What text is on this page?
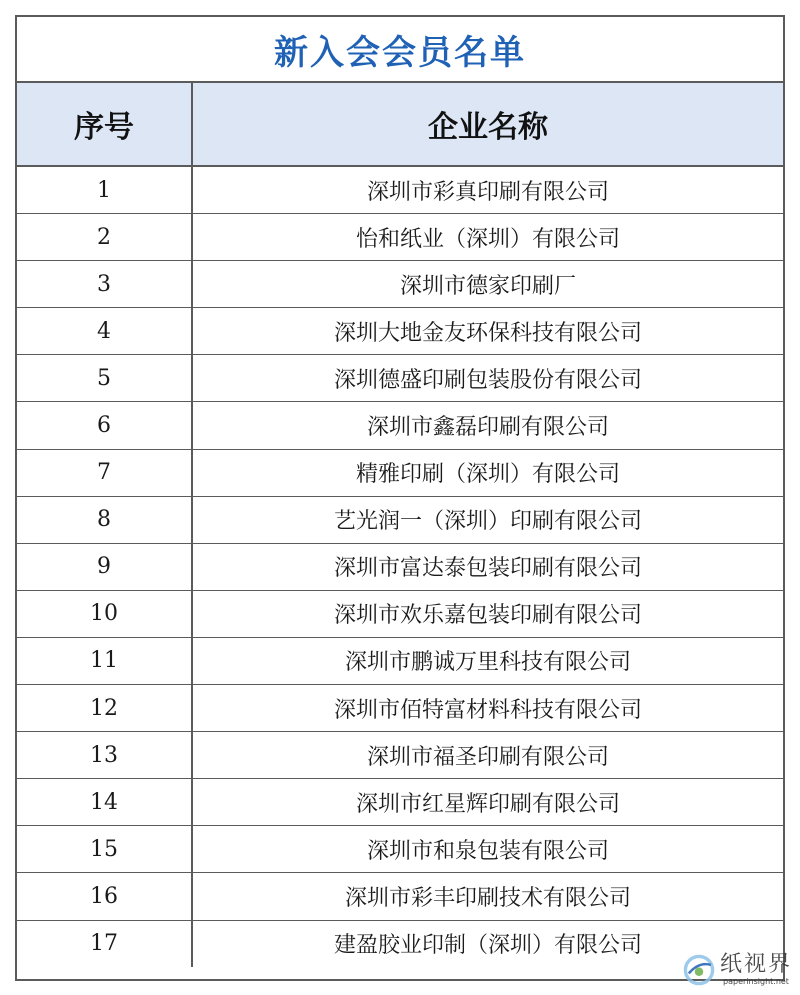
新入会会员名单
序号	企业名称
1	深圳市彩真印刷有限公司
2	怡和纸业（深圳）有限公司
3	深圳市德家印刷厂
4	深圳大地金友环保科技有限公司
5	深圳德盛印刷包装股份有限公司
6	深圳市鑫磊印刷有限公司
7	精雅印刷（深圳）有限公司
8	艺光润一（深圳）印刷有限公司
9	深圳市富达泰包装印刷有限公司
10	深圳市欢乐嘉包装印刷有限公司
11	深圳市鹏诚万里科技有限公司
12	深圳市佰特富材料科技有限公司
13	深圳市福圣印刷有限公司
14	深圳市红星辉印刷有限公司
15	深圳市和泉包装有限公司
16	深圳市彩丰印刷技术有限公司
17	建盈胶业印制（深圳）有限公司
纸视界
paperinsight.net
